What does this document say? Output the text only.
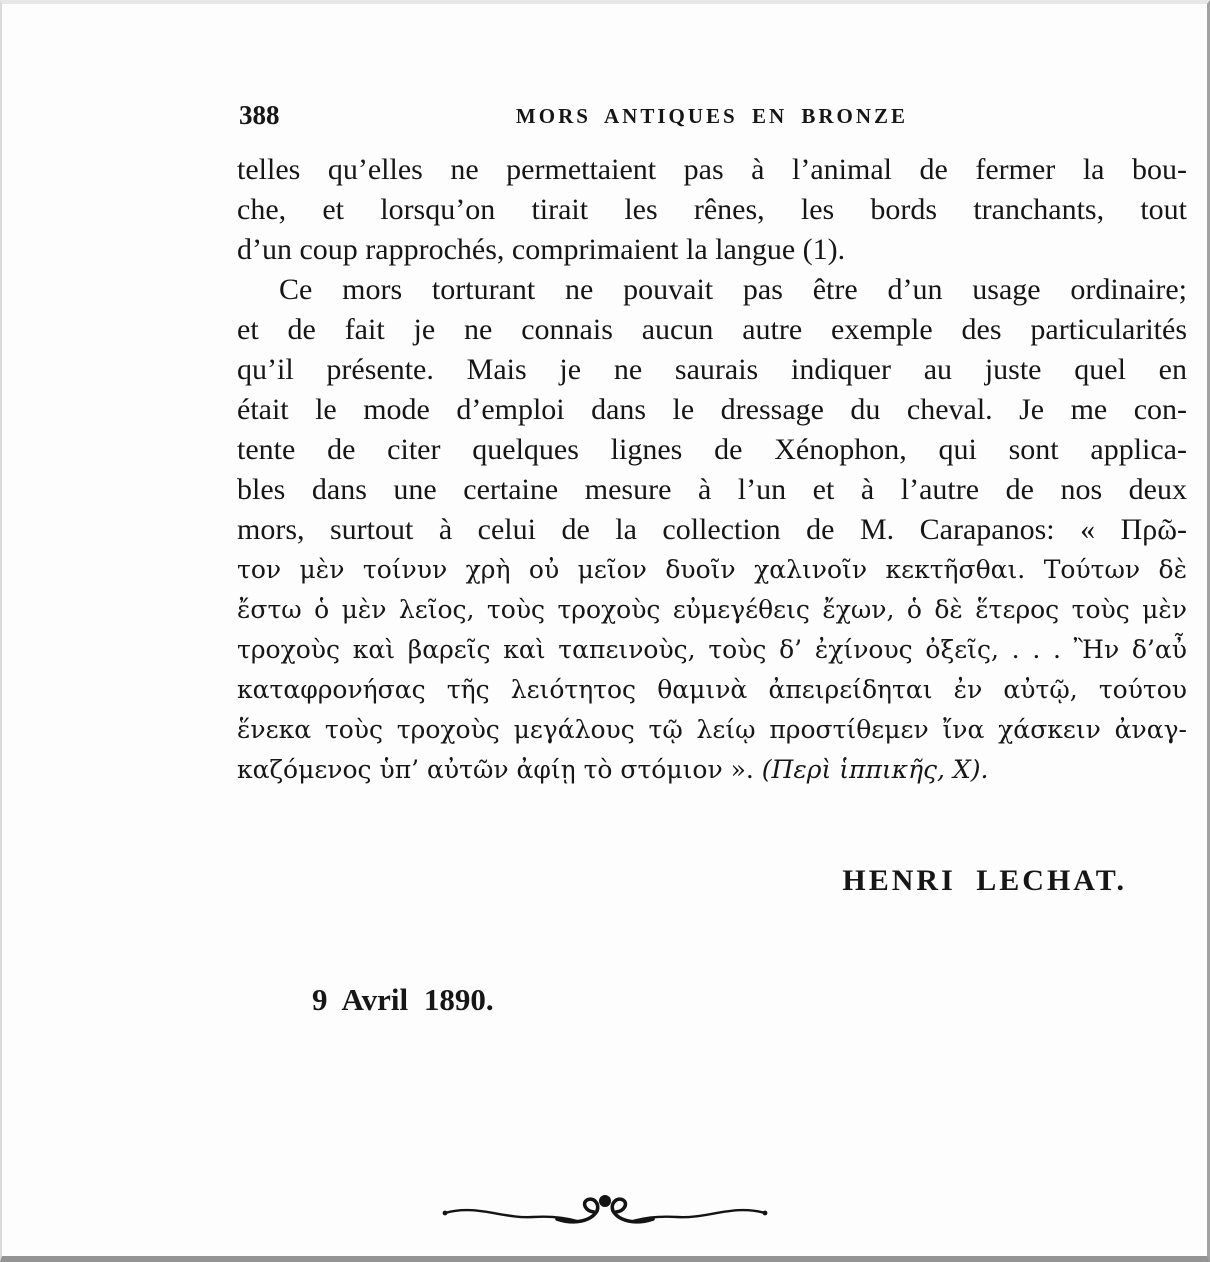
388	MORS ANTIQUES EN BRONZE
telles qu’elles ne permettaient pas à l’animal de fermer la bou-
che, et lorsqu’on tirait les rênes, les bords tranchants, tout
d’un coup rapprochés, comprimaient la langue (1).
Ce mors torturant ne pouvait pas être d’un usage ordinaire;
et de fait je ne connais aucun autre exemple des particularités
qu’il présente. Mais je ne saurais indiquer au juste quel en
était le mode d’emploi dans le dressage du cheval. Je me con-
tente de citer quelques lignes de Xénophon, qui sont applica-
bles dans une certaine mesure à l’un et à l’autre de nos deux
mors, surtout à celui de la collection de M. Carapanos: « Πρῶ-
τον μὲν τοίνυν χρὴ οὐ μεῖον δυοῖν χαλινοῖν κεκτῆσθαι. Τούτων δὲ
ἔστω ὁ μὲν λεῖος, τοὺς τροχοὺς εὐμεγέθεις ἔχων, ὁ δὲ ἕτερος τοὺς μὲν
τροχοὺς καὶ βαρεῖς καὶ ταπεινοὺς, τοὺς δ’ ἐχίνους ὀξεῖς, . . . Ἢν δ’αὖ
καταφρονήσας τῆς λειότητος θαμινὰ ἀπειρείδηται ἐν αὐτῷ, τούτου
ἕνεκα τοὺς τροχοὺς μεγάλους τῷ λείῳ προστίθεμεν ἴνα χάσκειν ἀναγ-
καζόμενος ὑπ’ αὐτῶν ἀφίῃ τὸ στόμιον ». (Περὶ ἱππικῆς, X).
HENRI LECHAT.
9 Avril 1890.
